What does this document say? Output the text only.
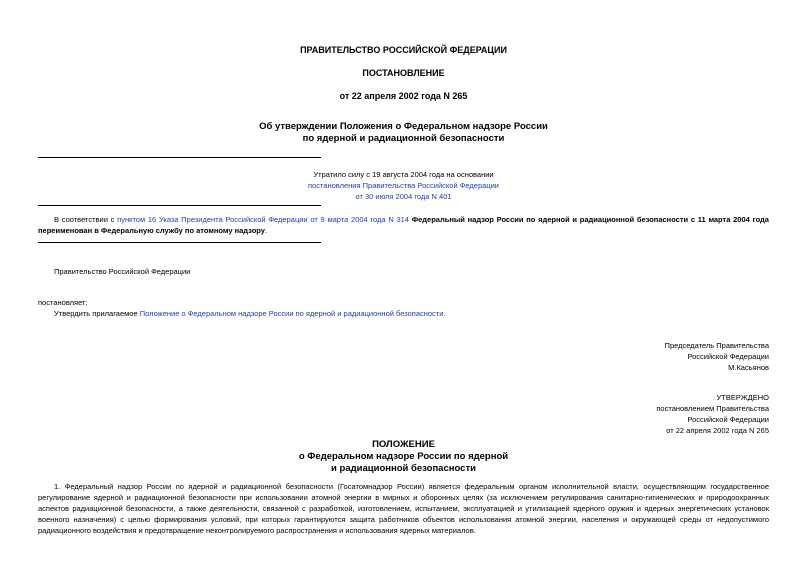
ПРАВИТЕЛЬСТВО РОССИЙСКОЙ ФЕДЕРАЦИИ
ПОСТАНОВЛЕНИЕ
от 22 апреля 2002 года N 265
Об утверждении Положения о Федеральном надзоре России
по ядерной и радиационной безопасности
Утратило силу с 19 августа 2004 года на основании
постановления Правительства Российской Федерации
от 30 июля 2004 года N 401
В соответствии с пунктом 16 Указа Президента Российской Федерации от 9 марта 2004 года N 314 Федеральный надзор России по ядерной и радиационной безопасности с 11 марта 2004 года переименован в Федеральную службу по атомному надзору.
Правительство Российской Федерации
постановляет:
Утвердить прилагаемое Положение о Федеральном надзоре России по ядерной и радиационной безопасности.
Председатель Правительства
Российской Федерации
М.Касьянов
УТВЕРЖДЕНО
постановлением Правительства
Российской Федерации
от 22 апреля 2002 года N 265
ПОЛОЖЕНИЕ
о Федеральном надзоре России по ядерной
и радиационной безопасности
1. Федеральный надзор России по ядерной и радиационной безопасности (Госатомнадзор России) является федеральным органом исполнительной власти, осуществляющим государственное регулирование ядерной и радиационной безопасности при использовании атомной энергии в мирных и оборонных целях (за исключением регулирования санитарно-гигиенических и природоохранных аспектов радиационной безопасности, а также деятельности, связанной с разработкой, изготовлением, испытанием, эксплуатацией и утилизацией ядерного оружия и ядерных энергетических установок военного назначения) с целью формирования условий, при которых гарантируются защита работников объектов использования атомной энергии, населения и окружающей среды от недопустимого радиационного воздействия и предотвращение неконтролируемого распространения и использования ядерных материалов.
